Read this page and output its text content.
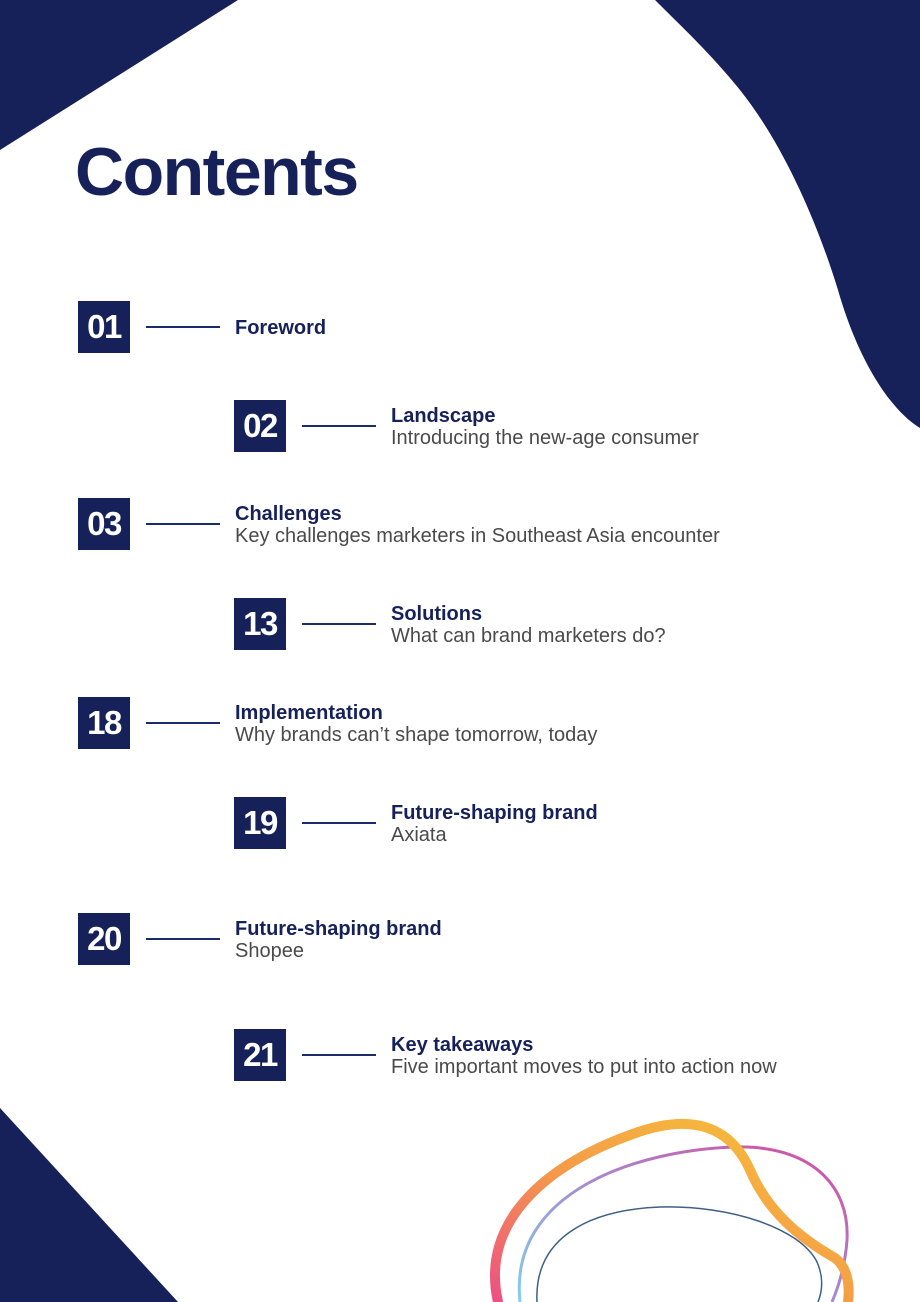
Contents
01	Foreword
02	Landscape
Introducing the new-age consumer
03	Challenges
Key challenges marketers in Southeast Asia encounter
13	Solutions
What can brand marketers do?
18	Implementation
Why brands can’t shape tomorrow, today
19	Future-shaping brand
Axiata
20	Future-shaping brand
Shopee
21	Key takeaways
Five important moves to put into action now
